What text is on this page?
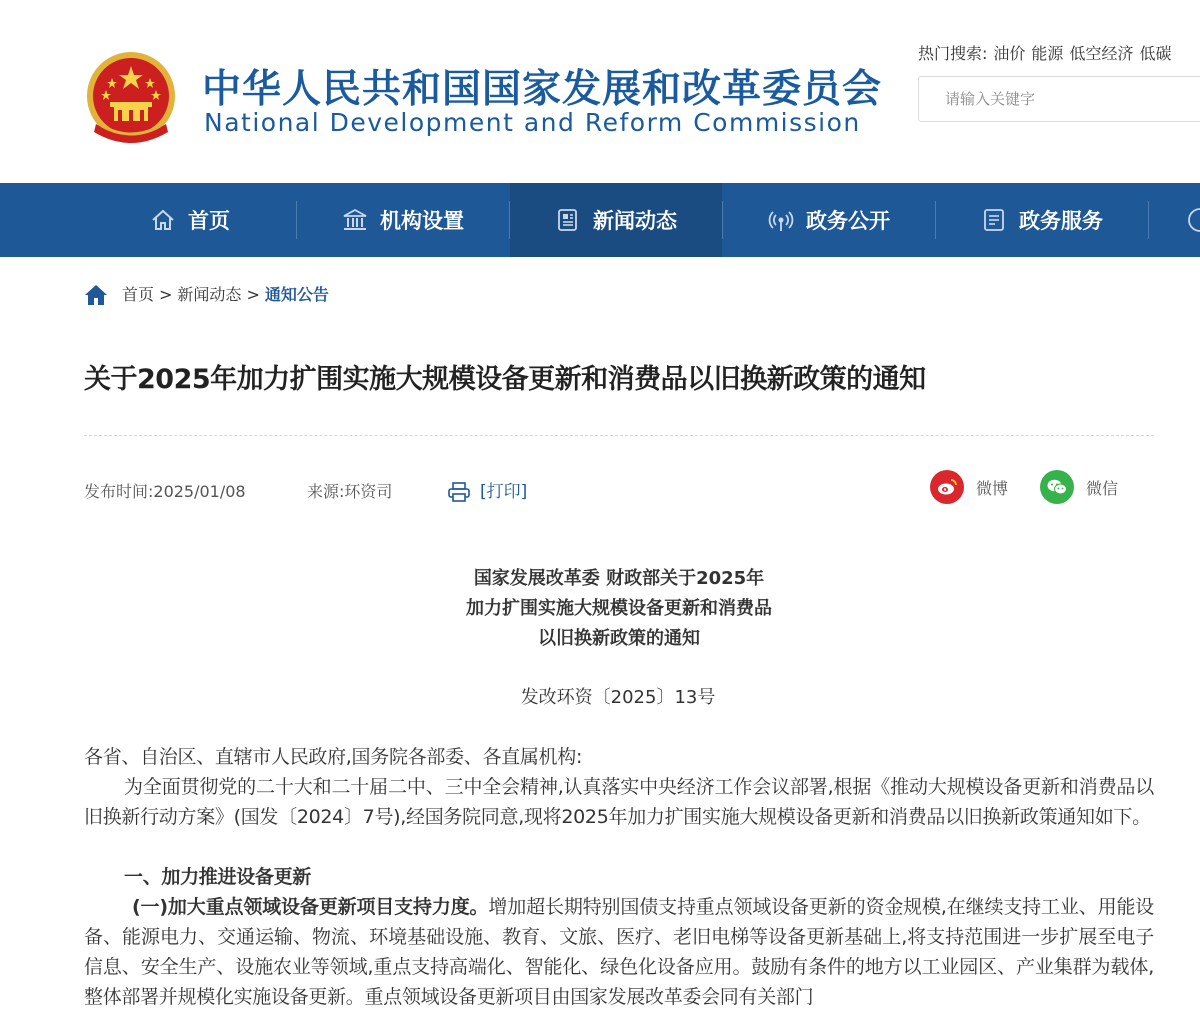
中华人民共和国国家发展和改革委员会
National Development and Reform Commission
热门搜索: 油价 能源 低空经济 低碳
请输入关键字
首页	机构设置	新闻动态	政务公开	政务服务
首页 > 新闻动态 > 通知公告
关于2025年加力扩围实施大规模设备更新和消费品以旧换新政策的通知
发布时间:2025/01/08	来源:环资司	[打印]	微博	微信
国家发展改革委 财政部关于2025年
加力扩围实施大规模设备更新和消费品
以旧换新政策的通知
发改环资〔2025〕13号

各省、自治区、直辖市人民政府,国务院各部委、各直属机构:

为全面贯彻党的二十大和二十届二中、三中全会精神,认真落实中央经济工作会议部署,根据《推动大规模设备更新和消费品以旧换新行动方案》(国发〔2024〕7号),经国务院同意,现将2025年加力扩围实施大规模设备更新和消费品以旧换新政策通知如下。

一、加力推进设备更新

(一)加大重点领域设备更新项目支持力度。增加超长期特别国债支持重点领域设备更新的资金规模,在继续支持工业、用能设备、能源电力、交通运输、物流、环境基础设施、教育、文旅、医疗、老旧电梯等设备更新基础上,将支持范围进一步扩展至电子信息、安全生产、设施农业等领域,重点支持高端化、智能化、绿色化设备应用。鼓励有条件的地方以工业园区、产业集群为载体,整体部署并规模化实施设备更新。重点领域设备更新项目由国家发展改革委会同有关部门
